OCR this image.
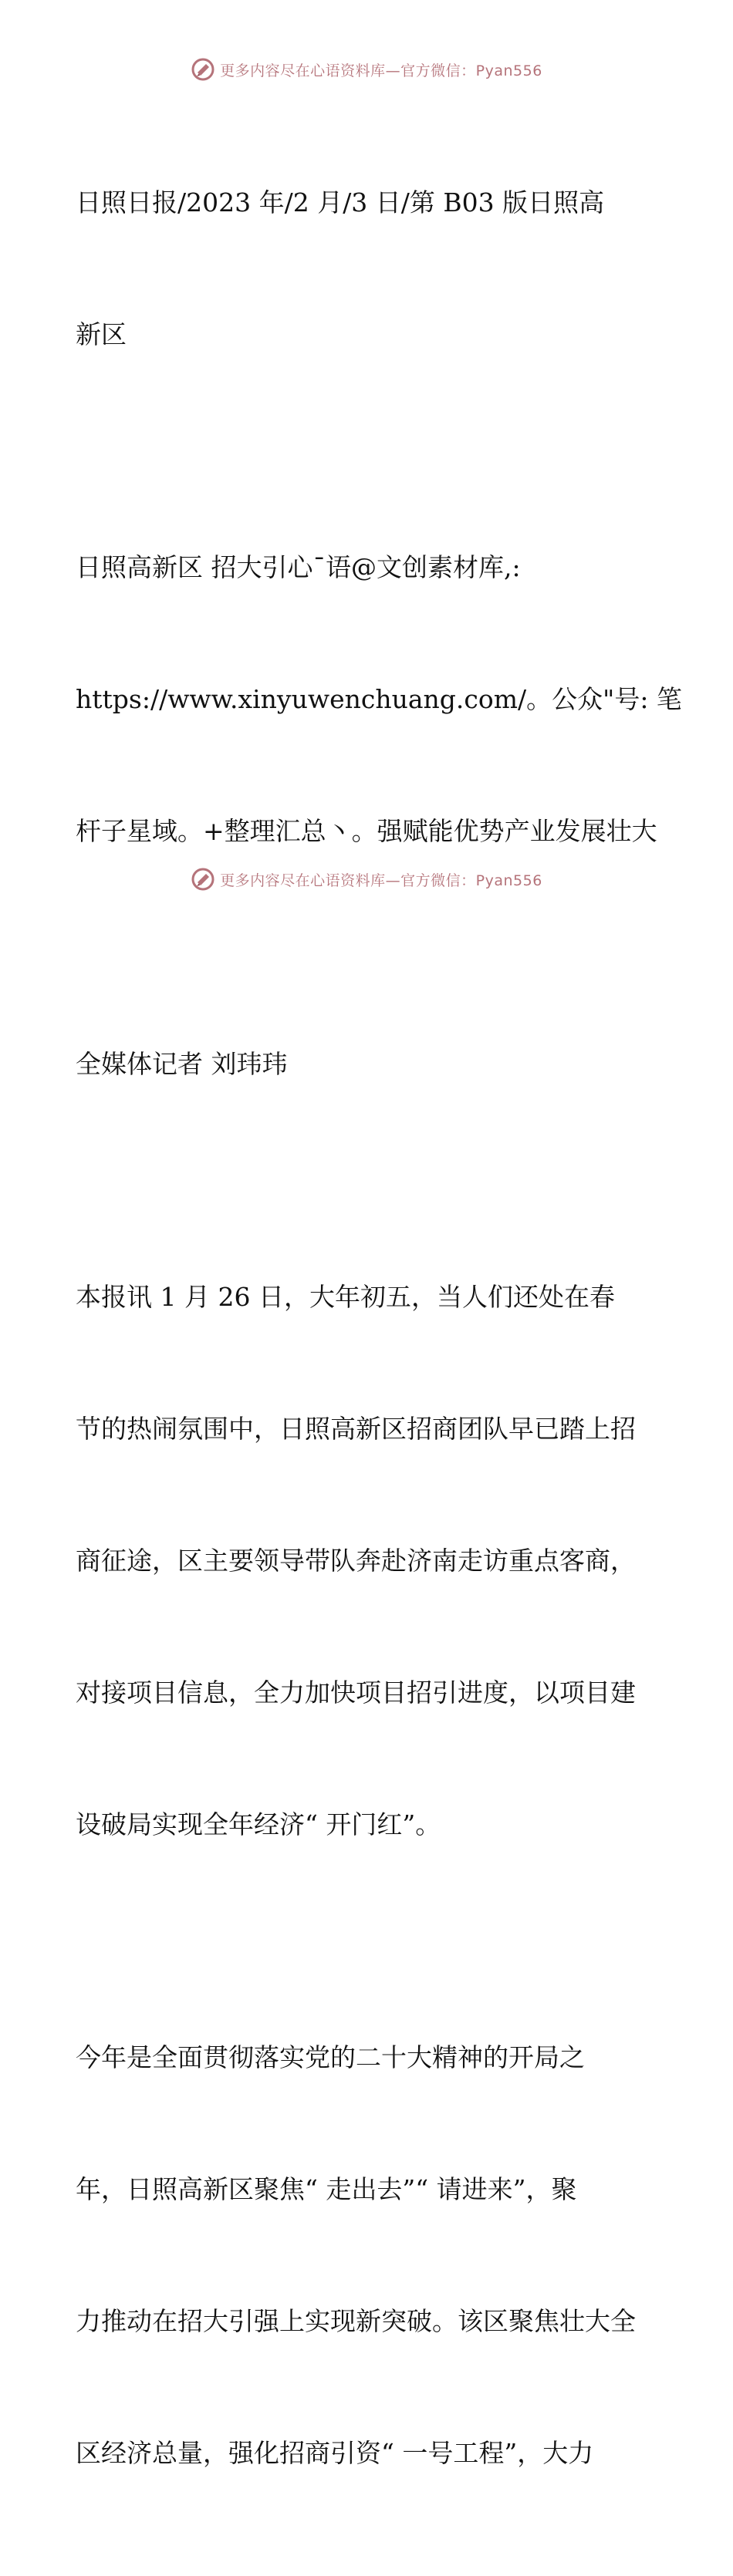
更多内容尽在心语资料库—官方微信：Pyan556

日照日报/2023 年/2 月/3 日/第 B03 版日照高

新区

日照高新区 招大引心¯语@文创素材库,:

https://www.xinyuwenchuang.com/。公众"号: 笔

杆子星域。+整理汇总丶。强赋能优势产业发展壮大

全媒体记者 刘玮玮

本报讯 1 月 26 日，大年初五，当人们还处在春

节的热闹氛围中，日照高新区招商团队早已踏上招

商征途，区主要领导带队奔赴济南走访重点客商，

对接项目信息，全力加快项目招引进度，以项目建

设破局实现全年经济“ 开门红”。

今年是全面贯彻落实党的二十大精神的开局之

年，日照高新区聚焦“ 走出去”“ 请进来”，聚

力推动在招大引强上实现新突破。该区聚焦壮大全

区经济总量，强化招商引资“ 一号工程”，大力

更多内容尽在心语资料库—官方微信：Pyan556
